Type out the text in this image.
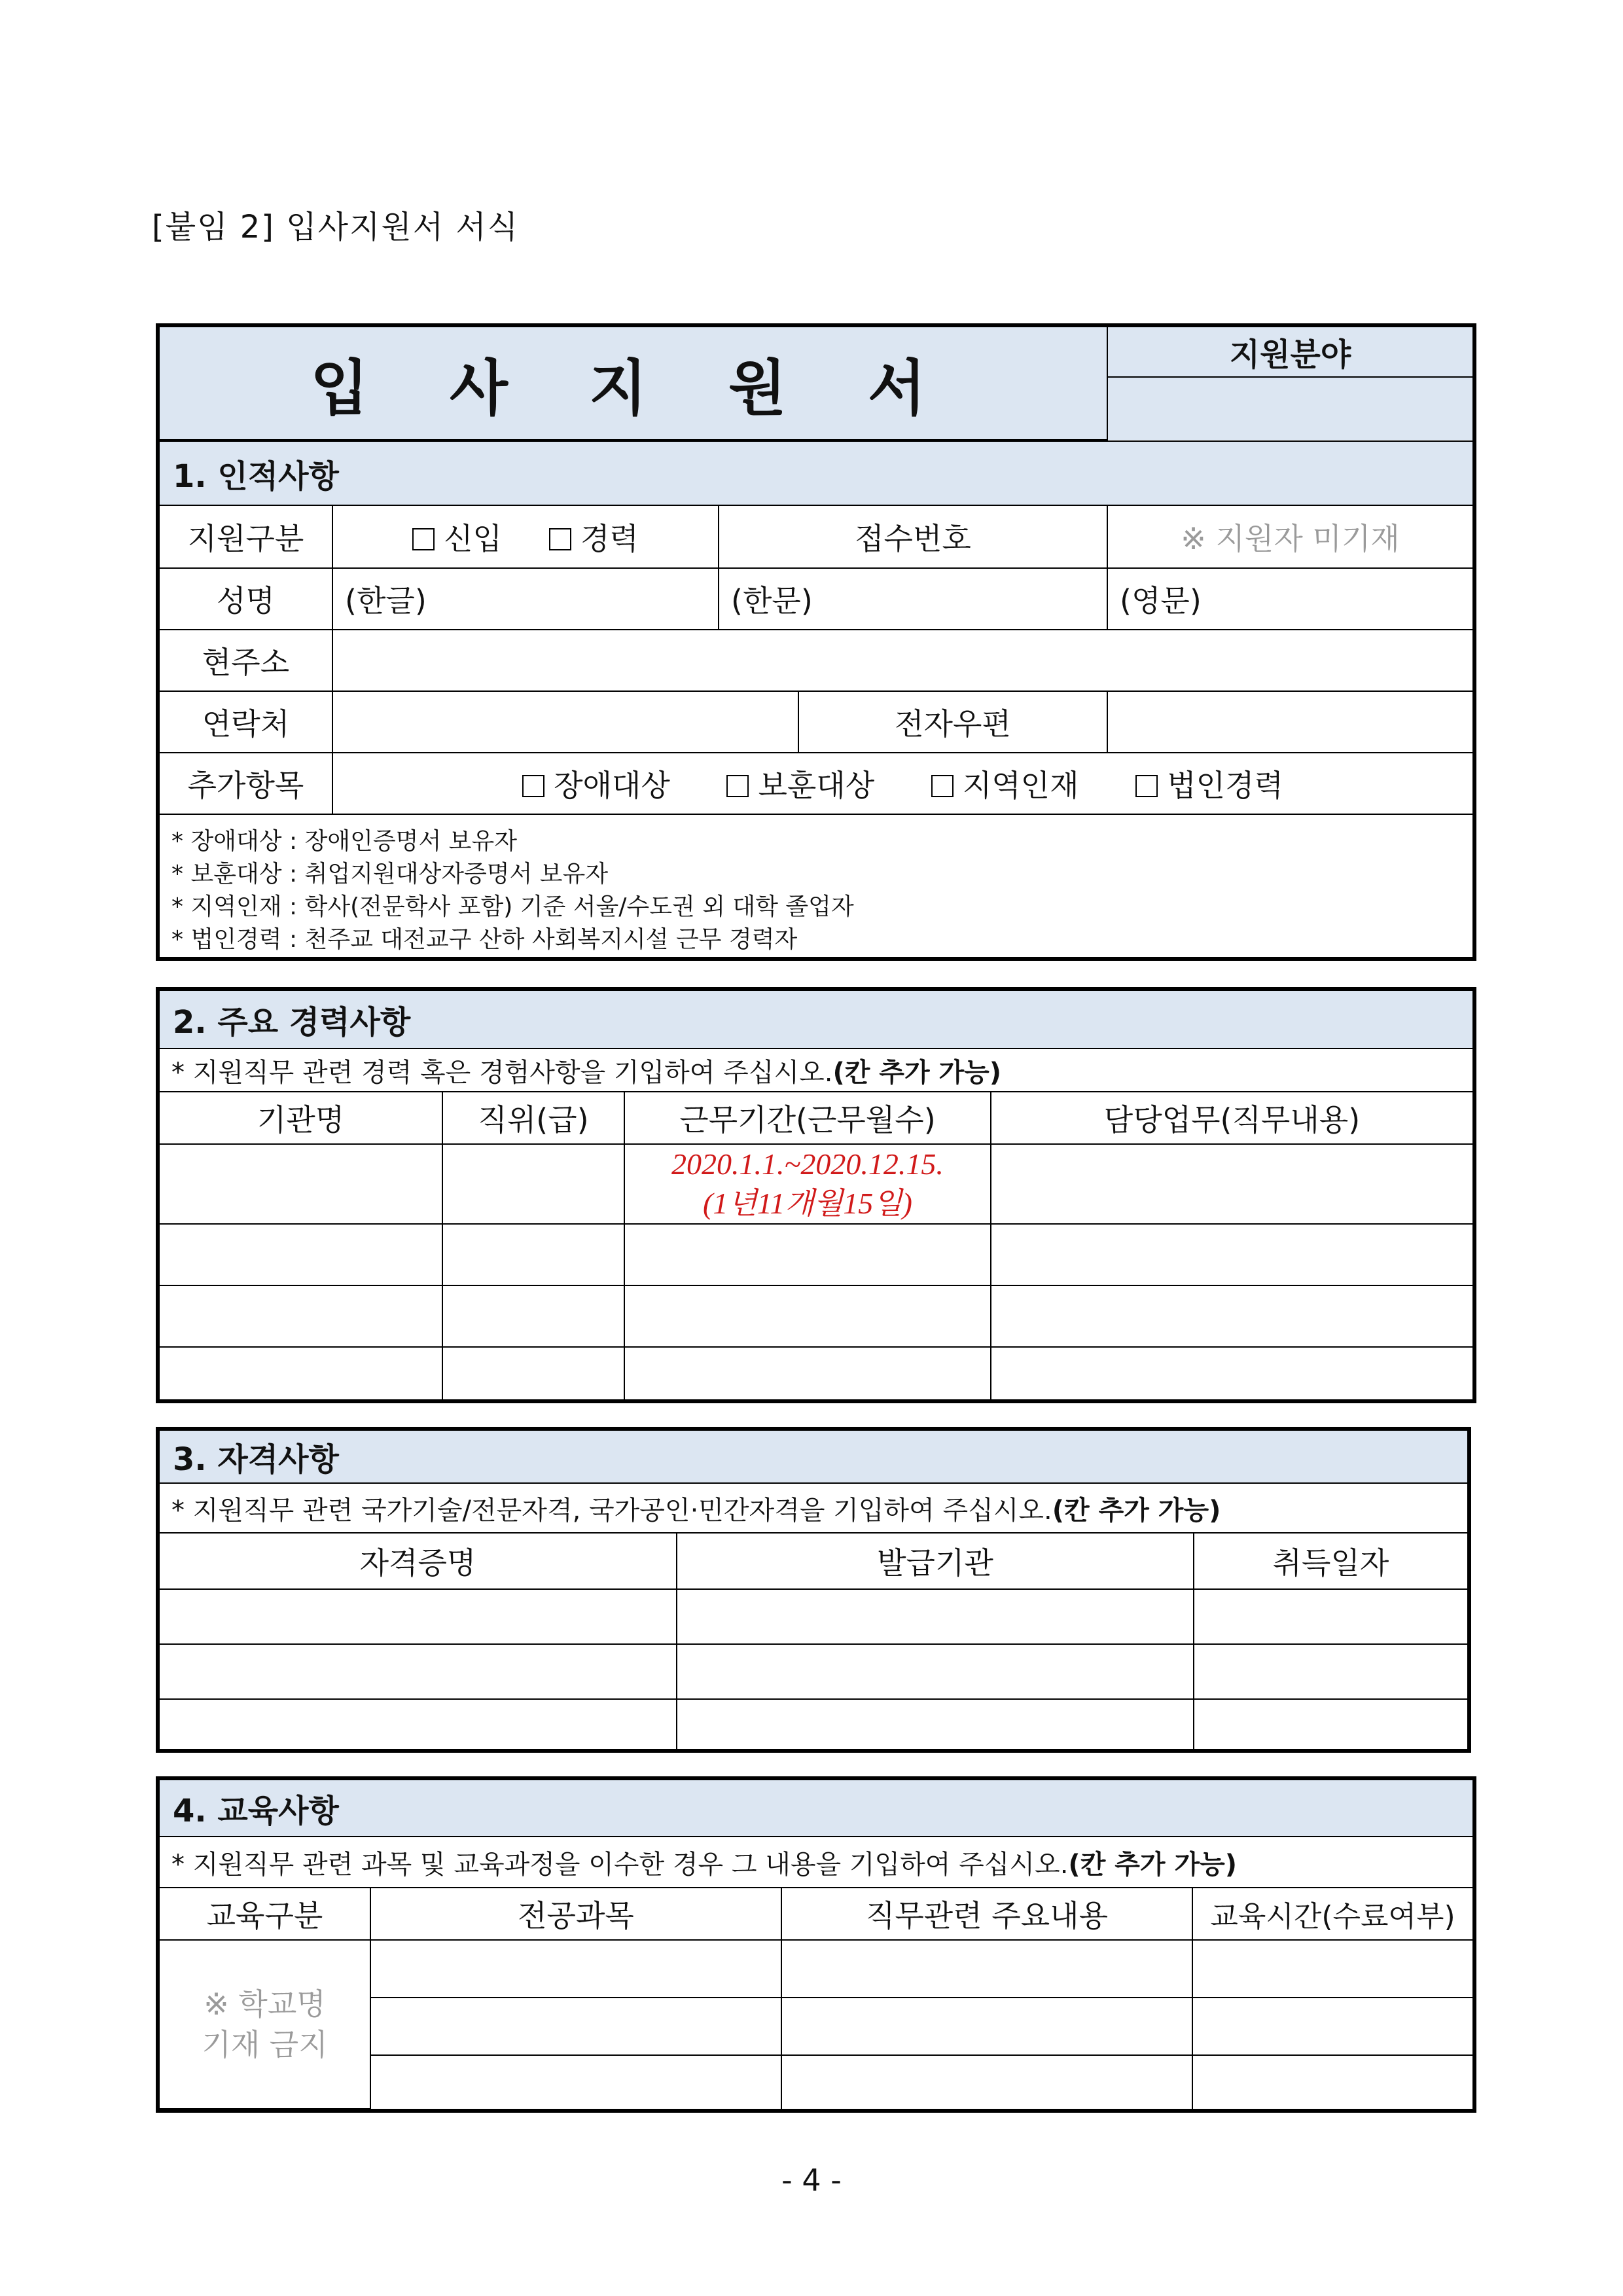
[붙임 2] 입사지원서 서식
입 사 지 원 서	지원분야

1. 인적사항				
지원구분	신입 경력	접수번호		※ 지원자 미기재
성명	(한글)	(한문)		(영문)
현주소				
연락처			전자우편	
추가항목	장애대상 보훈대상 지역인재 법인경력			

* 장애대상 : 장애인증명서 보유자
* 보훈대상 : 취업지원대상자증명서 보유자
* 지역인재 : 학사(전문학사 포함) 기준 서울/수도권 외 대학 졸업자
* 법인경력 : 천주교 대전교구 산하 사회복지시설 근무 경력자				
2. 주요 경력사항			
* 지원직무 관련 경력 혹은 경험사항을 기입하여 주십시오.(칸 추가 가능)			
기관명	직위(급)	근무기간(근무월수)	담당업무(직무내용)

		2020.1.1.~2020.12.15.
(1년11개월15일)	

3. 자격사항		
* 지원직무 관련 국가기술/전문자격, 국가공인·민간자격을 기입하여 주십시오.(칸 추가 가능)		
자격증명	발급기관	취득일자

4. 교육사항			
* 지원직무 관련 과목 및 교육과정을 이수한 경우 그 내용을 기입하여 주십시오.(칸 추가 가능)			
교육구분	전공과목	직무관련 주요내용	교육시간(수료여부)

※ 학교명
기재 금지			

- 4 -
